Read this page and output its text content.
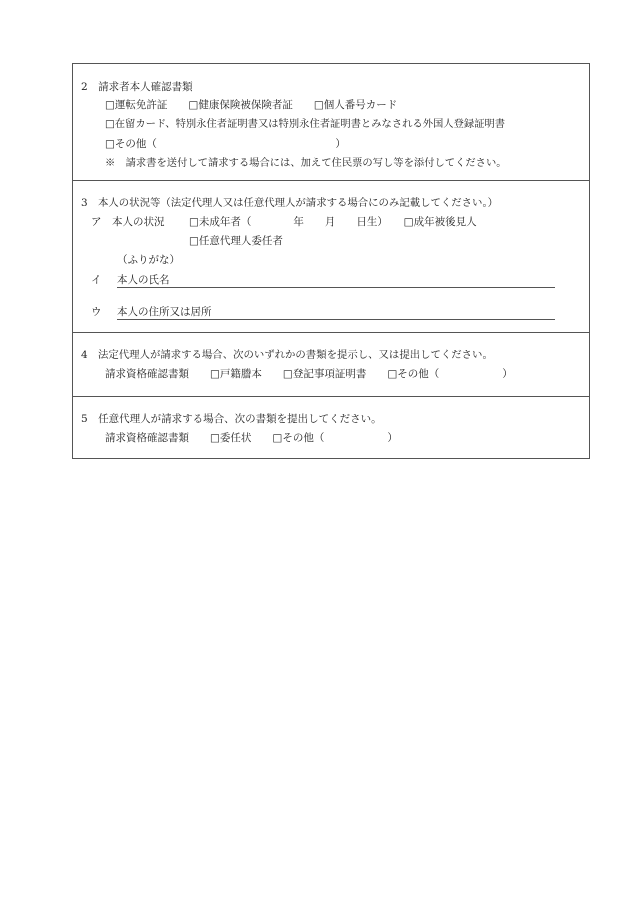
2　請求者本人確認書類
□運転免許証　　□健康保険被保険者証　　□個人番号カード
□在留カード、特別永住者証明書又は特別永住者証明書とみなされる外国人登録証明書
□その他（　　　　　　　　　　　　　　　　　）
※　請求書を送付して請求する場合には、加えて住民票の写し等を添付してください。
3　本人の状況等（法定代理人又は任意代理人が請求する場合にのみ記載してください。）
ア　本人の状況 □未成年者（　　　　年　　月　　日生）　　□成年被後見人
□任意代理人委任者
（ふりがな）
イ 本人の氏名
ウ 本人の住所又は居所
4　法定代理人が請求する場合、次のいずれかの書類を提示し、又は提出してください。
請求資格確認書類　　□戸籍謄本　　□登記事項証明書　　□その他（　　　　　　）
5　任意代理人が請求する場合、次の書類を提出してください。
請求資格確認書類　　□委任状　　□その他（　　　　　　）
